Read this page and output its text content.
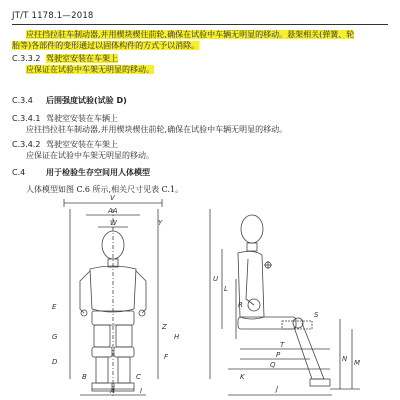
JT/T 1178.1—2018
应拄挡拉驻车制动器,并用楔块楔住前轮,确保在试验中车辆无明显的移动。悬架相关(弹簧、轮
胎等)各部件的变形通过以固体构件的方式予以消除。
C.3.3.2 驾驶室安装在车架上
应保证在试验中车架无明显的移动。
C.3.4 后围强度试验(试验 D)
C.3.4.1 驾驶室安装在车辆上
应拄挡拉驻车制动器,并用楔块楔住前轮,确保在试验中车辆无明显的移动。
C.3.4.2 驾驶室安装在车架上
应保证在试验中车架无明显的移动。
C.4	用于检验生存空间用人体模型
人体模型如图 C.6 所示,相关尺寸见表 C.1。
V
AA
W	Y
U
L
R
S
T
P
Q	M
N
J
K
E
G
D
Z
H
F
B	C
A	I
